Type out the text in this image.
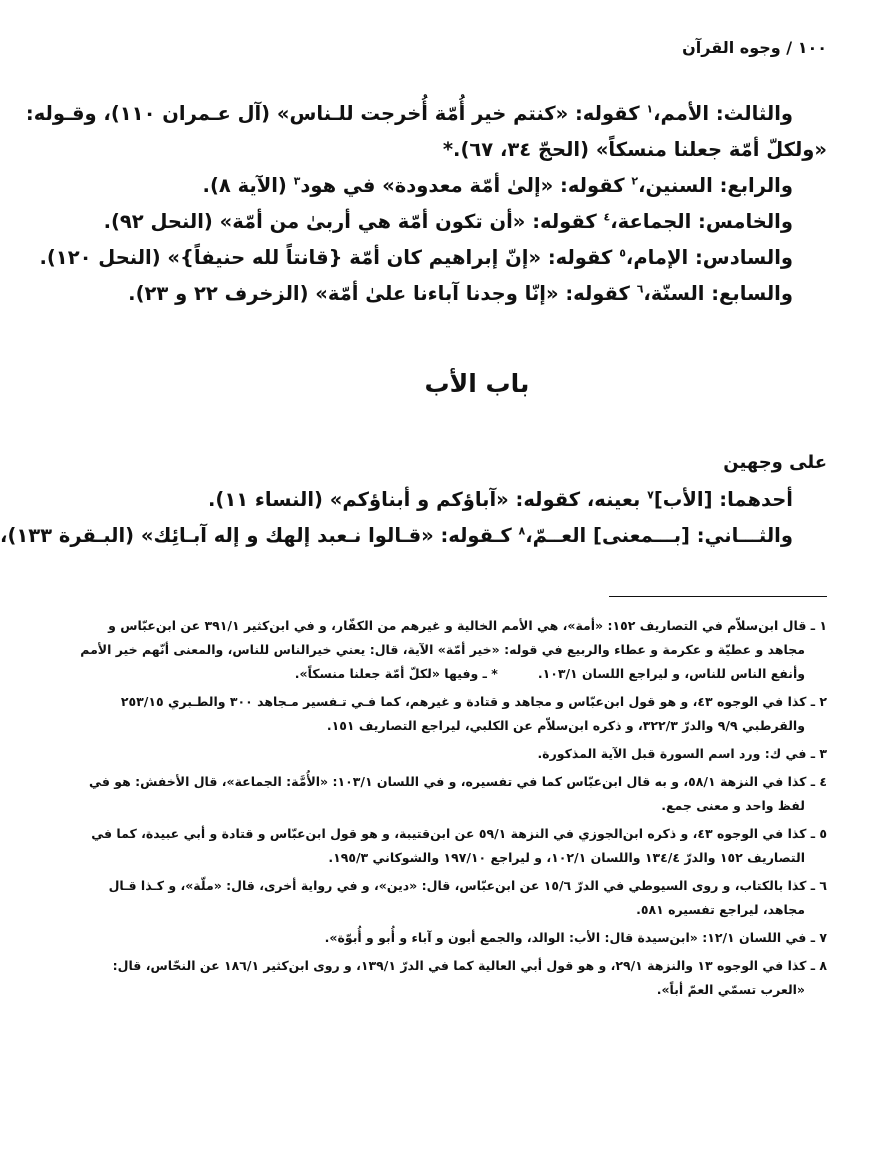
١٠٠ / وجوه القرآن
والثالث: الأمم،$^١$ كقوله: «كنتم خير أُمّة أُخرجت للـناس» (آل عـمران ١١٠)، وقـوله:
«ولكلّ أمّة جعلنا منسكاً» (الحجّ ٣٤، ٦٧).*
والرابع: السنين،$^٢$ كقوله: «إلىٰ أمّة معدودة» في هود$^٣$ (الآية ٨).
والخامس: الجماعة،$^٤$ كقوله: «أن تكون أمّة هي أربىٰ من أمّة» (النحل ٩٢).
والسادس: الإمام،$^٥$ كقوله: «إنّ إبراهيم كان أمّة {قانتاً لله حنيفاً}» (النحل ١٢٠).
والسابع: السنّة،$^٦$ كقوله: «إنّا وجدنا آباءنا علىٰ أمّة» (الزخرف ٢٢ و ٢٣).
باب الأب
على وجهين
أحدهما: [الأب]$^٧$ بعينه، كقوله: «آباؤكم و أبناؤكم» (النساء ١١).
والثـــاني: [بـــمعنى] العــمّ،$^٨$ كـقوله: «قـالوا نـعبد إلهك و إله آبـائِك» (البـقرة ١٣٣)،
١ ـ قال ابن‌سلاّم في التصاريف ١٥٢: «أمة»، هي الأمم الخالية و غيرهم من الكفّار، و في ابن‌كثير ٣٩١/١ عن ابن‌عبّاس و
مجاهد و عطيّة و عكرمة و عطاء والربيع في قوله: «خير أمّة» الآية، قال: يعني خيرالناس للناس، والمعنى أنّهم خير الأمم
وأنفع الناس للناس، و ليراجع اللسان ١٠٣/١.* ـ وفيها «لكلّ أمّة جعلنا منسكاً».
٢ ـ كذا في الوجوه ٤٣، و هو قول ابن‌عبّاس و مجاهد و قتادة و غيرهم، كما فـي تـفسير مـجاهد ٣٠٠ والطـبري ٢٥٣/١٥
والقرطبي ٩/٩ والدرّ ٣٢٢/٣، و ذكره ابن‌سلاّم عن الكلبي، ليراجع التصاريف ١٥١.
٣ ـ في ك: ورد اسم السورة قبل الآية المذكورة.
٤ ـ كذا في النزهة ٥٨/١، و به قال ابن‌عبّاس كما في تفسيره، و في اللسان ١٠٣/١: «الأُمَّة: الجماعة»، قال الأخفش: هو في
لفظ واحد و معنى جمع.
٥ ـ كذا في الوجوه ٤٣، و ذكره ابن‌الجوزي في النزهة ٥٩/١ عن ابن‌قتيبة، و هو قول ابن‌عبّاس و قتادة و أبي عبيدة، كما في
التصاريف ١٥٢ والدرّ ١٣٤/٤ واللسان ١٠٢/١، و ليراجع ١٩٧/١٠ والشوكاني ١٩٥/٣.
٦ ـ كذا بالكتاب، و روى السيوطي في الدرّ ١٥/٦ عن ابن‌عبّاس، قال: «دين»، و في رواية أخرى، قال: «ملّة»، و كـذا قـال
مجاهد، ليراجع تفسيره ٥٨١.
٧ ـ في اللسان ١٢/١: «ابن‌سيدة قال: الأب: الوالد، والجمع أبون و آباء و أُبو و أُبوّة».
٨ ـ كذا في الوجوه ١٣ والنزهة ٢٩/١، و هو قول أبي العالية كما في الدرّ ١٣٩/١، و روى ابن‌كثير ١٨٦/١ عن النحّاس، قال:
«العرب تسمّي العمّ أباً».
